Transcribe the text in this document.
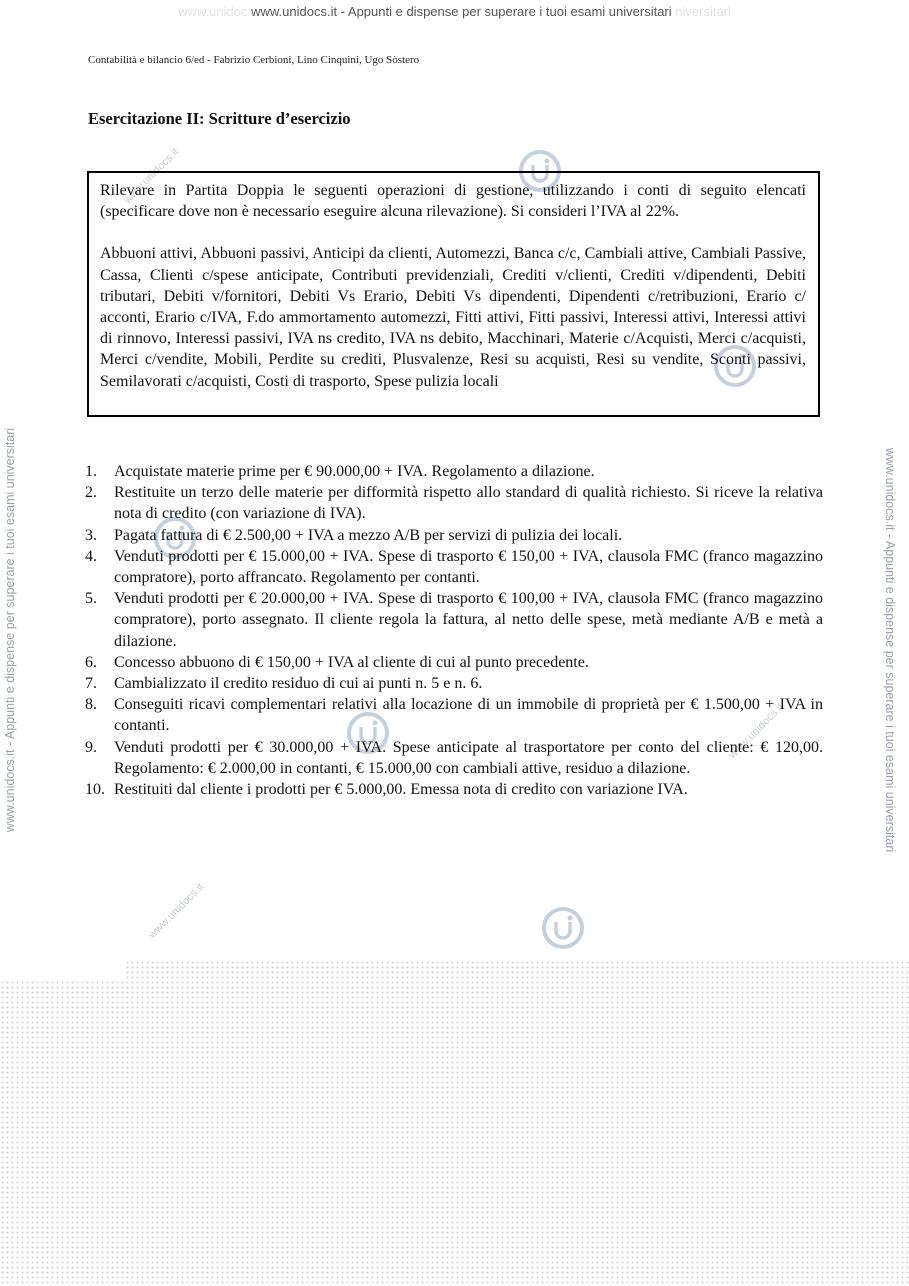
www.unidoc www.unidocs.it - Appunti e dispense per superare i tuoi esami universitari niversitari
www.unidocs.it - Appunti e dispense per superare i tuoi esami universitari	www.unidocs.it - Appunti e dispense per superare i tuoi esami universitari
www.unidocs.it
www.unidocs.it
www.unidocs.it
Contabilità e bilancio 6/ed - Fabrizio Cerbioni, Lino Cinquini, Ugo Sòstero
Esercitazione II: Scritture d’esercizio

Rilevare in Partita Doppia le seguenti operazioni di gestione, utilizzando i conti di seguito elencati (specificare dove non è necessario eseguire alcuna rilevazione). Si consideri l’IVA al 22%.

Abbuoni attivi, Abbuoni passivi, Anticipi da clienti, Automezzi, Banca c/c, Cambiali attive, Cambiali Passive, Cassa, Clienti c/spese anticipate, Contributi previdenziali, Crediti v/clienti, Crediti v/dipendenti, Debiti tributari, Debiti v/fornitori, Debiti Vs Erario, Debiti Vs dipendenti, Dipendenti c/retribuzioni, Erario c/ acconti, Erario c/IVA, F.do ammortamento automezzi, Fitti attivi, Fitti passivi, Interessi attivi, Interessi attivi di rinnovo, Interessi passivi, IVA ns credito, IVA ns debito, Macchinari, Materie c/Acquisti, Merci c/acquisti, Merci c/vendite, Mobili, Perdite su crediti, Plusvalenze, Resi su acquisti, Resi su vendite, Sconti passivi, Semilavorati c/acquisti, Costi di trasporto, Spese pulizia locali

1. Acquistate materie prime per € 90.000,00 + IVA. Regolamento a dilazione.
2. Restituite un terzo delle materie per difformità rispetto allo standard di qualità richiesto. Si riceve la relativa nota di credito (con variazione di IVA).
3. Pagata fattura di € 2.500,00 + IVA a mezzo A/B per servizi di pulizia dei locali.
4. Venduti prodotti per € 15.000,00 + IVA. Spese di trasporto € 150,00 + IVA, clausola FMC (franco magazzino compratore), porto affrancato. Regolamento per contanti.
5. Venduti prodotti per € 20.000,00 + IVA. Spese di trasporto € 100,00 + IVA, clausola FMC (franco magazzino compratore), porto assegnato. Il cliente regola la fattura, al netto delle spese, metà mediante A/B e metà a dilazione.
6. Concesso abbuono di € 150,00 + IVA al cliente di cui al punto precedente.
7. Cambializzato il credito residuo di cui ai punti n. 5 e n. 6.
8. Conseguiti ricavi complementari relativi alla locazione di un immobile di proprietà per € 1.500,00 + IVA in contanti.
9. Venduti prodotti per € 30.000,00 + IVA. Spese anticipate al trasportatore per conto del cliente: € 120,00. Regolamento: € 2.000,00 in contanti, € 15.000,00 con cambiali attive, residuo a dilazione.
10. Restituiti dal cliente i prodotti per € 5.000,00. Emessa nota di credito con variazione IVA.
